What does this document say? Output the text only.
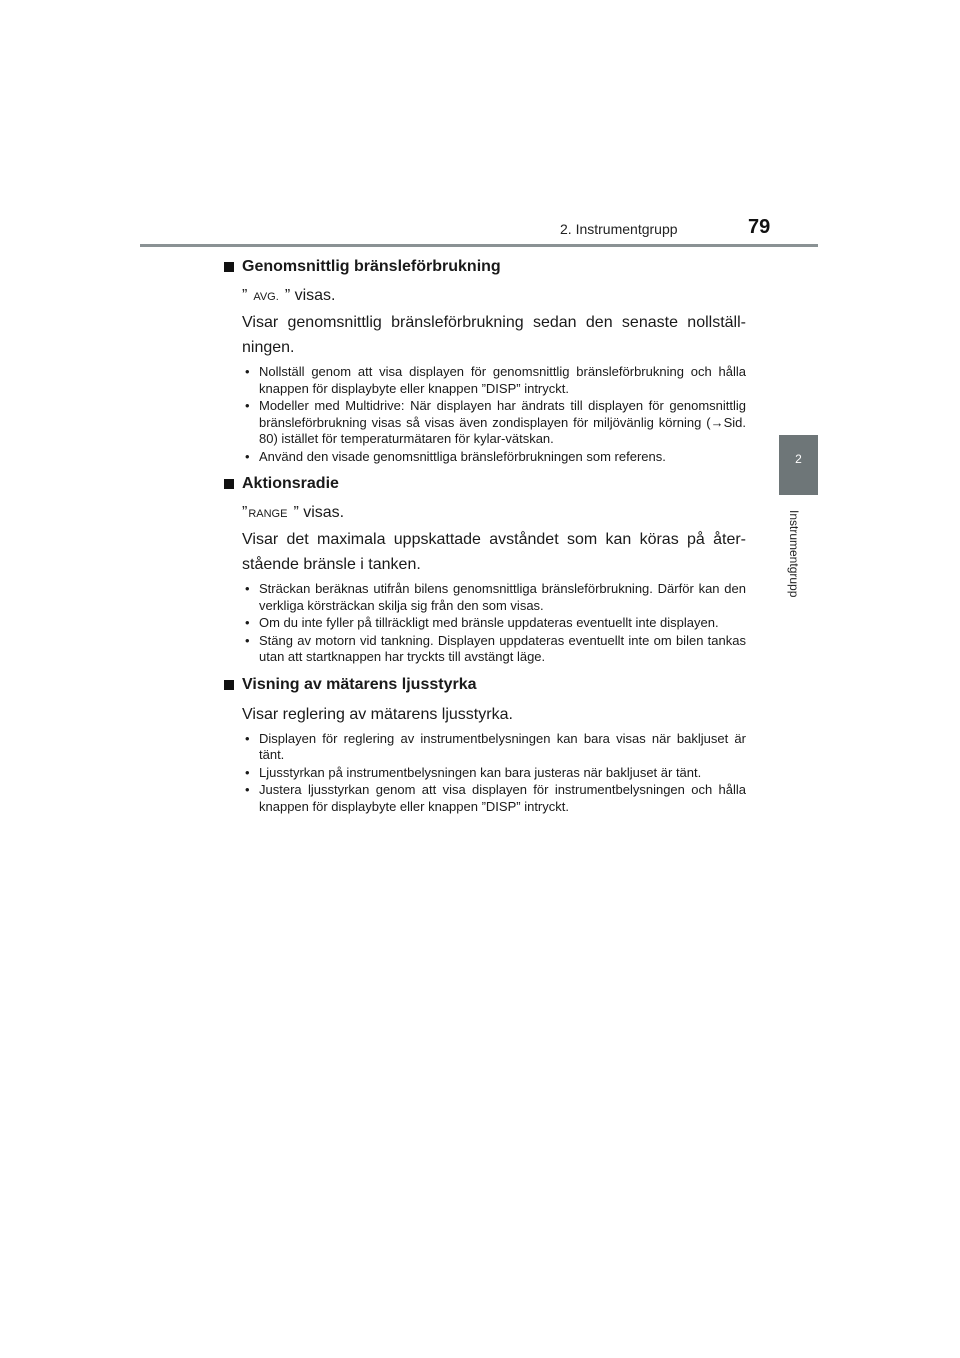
2. Instrumentgrupp	79
2
Instrumentgrupp
Genomsnittlig bränsleförbrukning
” AVG. ” visas.
Visar genomsnittlig bränsleförbrukning sedan den senaste nollställ-ningen.
• Nollställ genom att visa displayen för genomsnittlig bränsleförbrukning och hålla knappen för displaybyte eller knappen ”DISP” intryckt.
• Modeller med Multidrive: När displayen har ändrats till displayen för genomsnittlig bränsleförbrukning visas så visas även zondisplayen för miljövänlig körning (→Sid. 80) istället för temperaturmätaren för kylar-vätskan.
• Använd den visade genomsnittliga bränsleförbrukningen som referens.
Aktionsradie
”RANGE ” visas.
Visar det maximala uppskattade avståndet som kan köras på åter-stående bränsle i tanken.
• Sträckan beräknas utifrån bilens genomsnittliga bränsleförbrukning. Därför kan den verkliga körsträckan skilja sig från den som visas.
• Om du inte fyller på tillräckligt med bränsle uppdateras eventuellt inte displayen.
• Stäng av motorn vid tankning. Displayen uppdateras eventuellt inte om bilen tankas utan att startknappen har tryckts till avstängt läge.
Visning av mätarens ljusstyrka
Visar reglering av mätarens ljusstyrka.
• Displayen för reglering av instrumentbelysningen kan bara visas när bakljuset är tänt.
• Ljusstyrkan på instrumentbelysningen kan bara justeras när bakljuset är tänt.
• Justera ljusstyrkan genom att visa displayen för instrumentbelysningen och hålla knappen för displaybyte eller knappen ”DISP” intryckt.
